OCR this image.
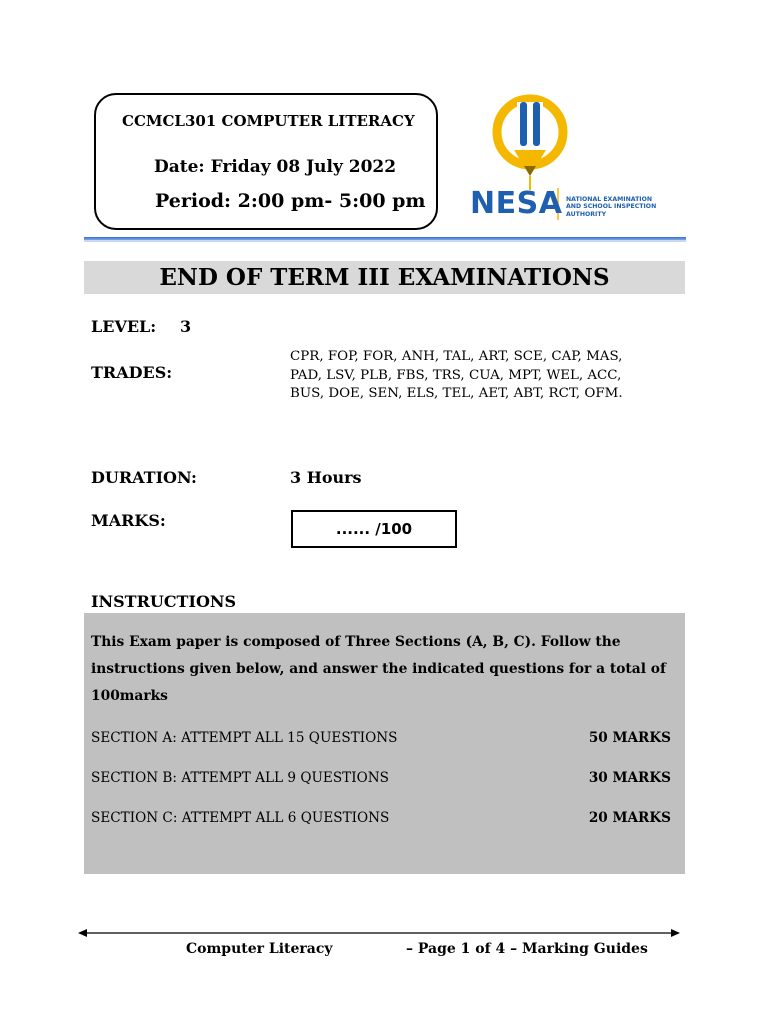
CCMCL301 COMPUTER LITERACY
Date: Friday 08 July 2022
Period: 2:00 pm- 5:00 pm NESA NATIONAL EXAMINATION
AND SCHOOL INSPECTION
AUTHORITY
END OF TERM III EXAMINATIONS
LEVEL: 3
TRADES:
CPR, FOP, FOR, ANH, TAL, ART, SCE, CAP, MAS,
PAD, LSV, PLB, FBS, TRS, CUA, MPT, WEL, ACC,
BUS, DOE, SEN, ELS, TEL, AET, ABT, RCT, OFM.
DURATION:	3 Hours
MARKS:	...... /100
INSTRUCTIONS
This Exam paper is composed of Three Sections (A, B, C). Follow the instructions given below, and answer the indicated questions for a total of 100marks
SECTION A: ATTEMPT ALL 15 QUESTIONS	50 MARKS
SECTION B: ATTEMPT ALL 9 QUESTIONS	30 MARKS
SECTION C: ATTEMPT ALL 6 QUESTIONS	20 MARKS
Computer Literacy	– Page 1 of 4 – Marking Guides
